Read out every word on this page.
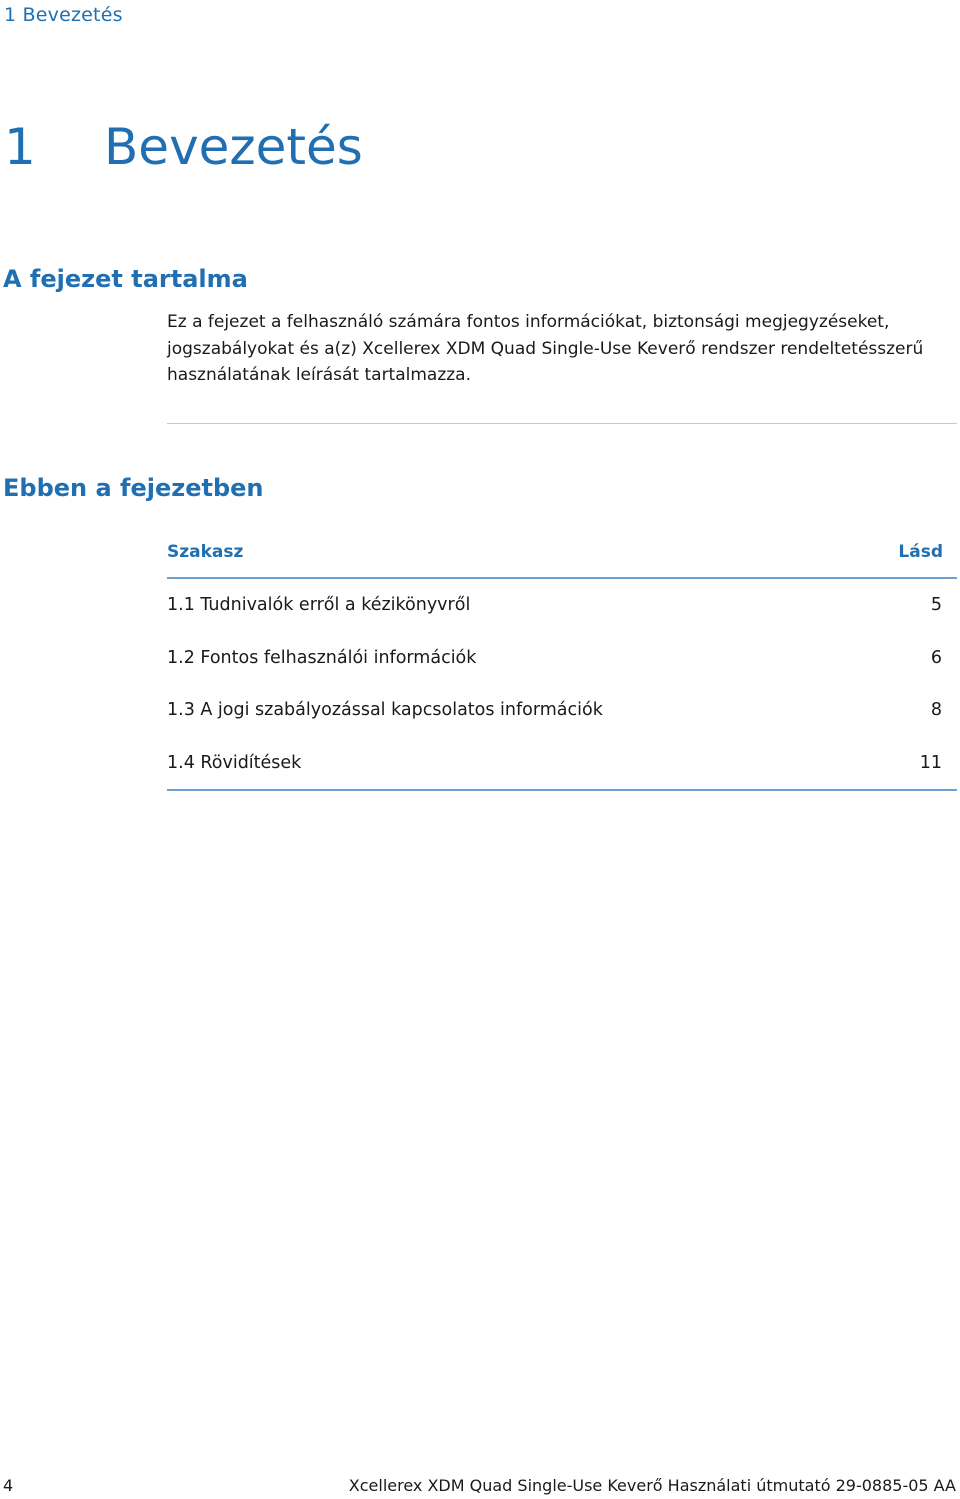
1 Bevezetés
1 Bevezetés
A fejezet tartalma

Ez a fejezet a felhasználó számára fontos információkat, biztonsági megjegyzéseket, jogszabályokat és a(z) Xcellerex XDM Quad Single-Use Keverő rendszer rendeltetésszerű használatának leírását tartalmazza.

Ebben a fejezetben
Szakasz	Lásd
1.1 Tudnivalók erről a kézikönyvről	5
1.2 Fontos felhasználói információk	6
1.3 A jogi szabályozással kapcsolatos információk	8
1.4 Rövidítések	11
4	Xcellerex XDM Quad Single-Use Keverő Használati útmutató 29-0885-05 AA
